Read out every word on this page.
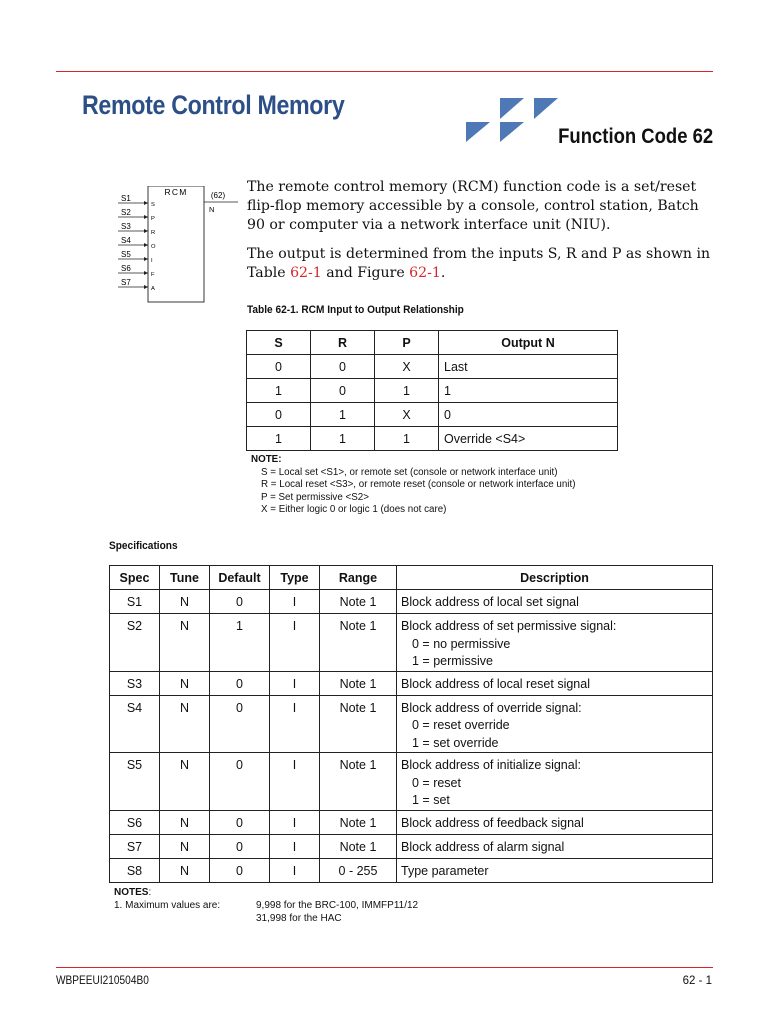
Remote Control Memory
Function Code 62
RCM	(62)
N
S1
S
S2
P
S3
R
S4
O
S5
I
S6
F
S7
A

The remote control memory (RCM) function code is a set/reset flip-flop memory accessible by a console, control station, Batch 90 or computer via a network interface unit (NIU).

The output is determined from the inputs S, R and P as shown in Table 62-1 and Figure 62-1.

Table 62-1. RCM Input to Output Relationship
S	R	P	Output N
0	0	X	Last
1	0	1	1
0	1	X	0
1	1	1	Override <S4>
NOTE:
S = Local set <S1>, or remote set (console or network interface unit)
R = Local reset <S3>, or remote reset (console or network interface unit)
P = Set permissive <S2>
X = Either logic 0 or logic 1 (does not care)
Specifications
Spec	Tune	Default	Type	Range	Description
S1	N	0	I	Note 1	Block address of local set signal

S2	N	1	I	Note 1	Block address of set permissive signal:
0 = no permissive
1 = permissive

S3	N	0	I	Note 1	Block address of local reset signal

S4	N	0	I	Note 1	Block address of override signal:
0 = reset override
1 = set override

S5	N	0	I	Note 1	Block address of initialize signal:
0 = reset
1 = set

S6	N	0	I	Note 1	Block address of feedback signal

S7	N	0	I	Note 1	Block address of alarm signal

S8	N	0	I	0 - 255	Type parameter
NOTES:
1. Maximum values are:	9,998 for the BRC-100, IMMFP11/12
31,998 for the HAC
WBPEEUI210504B0	62 - 1
